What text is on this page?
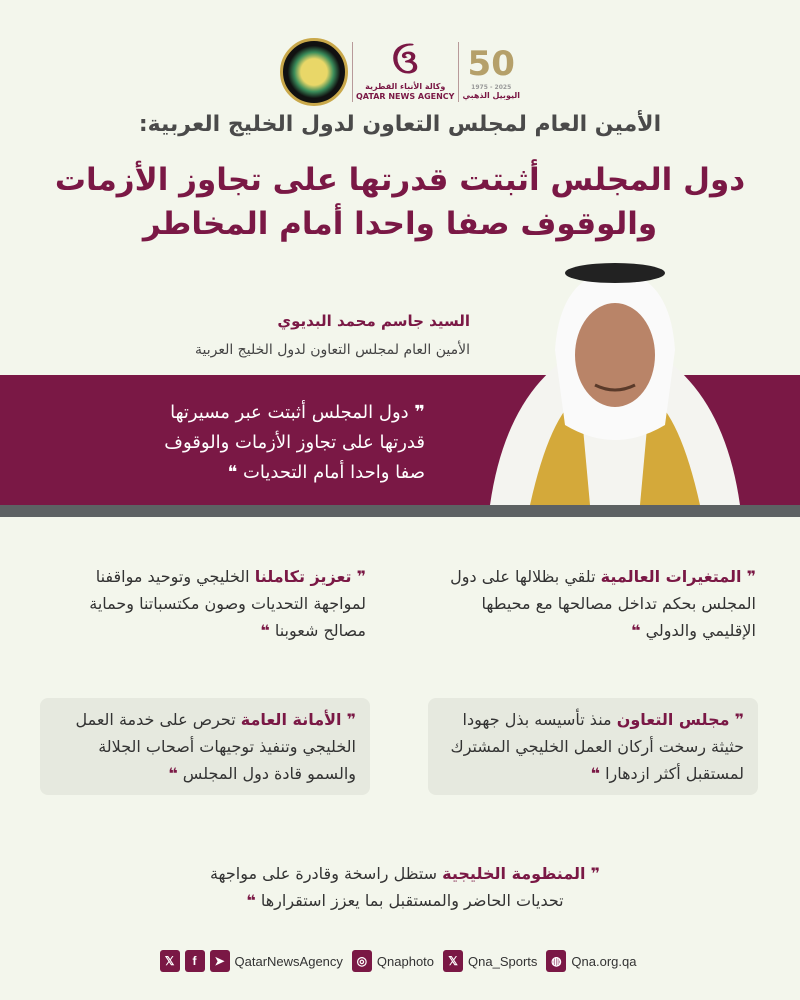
ઉ
وكالة الأنباء القطرية
QATAR NEWS AGENCY
50
1975 - 2025
اليوبيل الذهبي
الأمين العام لمجلس التعاون لدول الخليج العربية:
دول المجلس أثبتت قدرتها على تجاوز الأزمات
والوقوف صفا واحدا أمام المخاطر
السيد جاسم محمد البديوي
الأمين العام لمجلس التعاون لدول الخليج العربية
❞ دول المجلس أثبتت عبر مسيرتها
قدرتها على تجاوز الأزمات والوقوف
صفا واحدا أمام التحديات ❝
❞ المتغيرات العالمية تلقي بظلالها على دول المجلس بحكم تداخل مصالحها مع محيطها الإقليمي والدولي ❝
❞ تعزيز تكاملنا الخليجي وتوحيد مواقفنا لمواجهة التحديات وصون مكتسباتنا وحماية مصالح شعوبنا ❝
❞ مجلس التعاون منذ تأسيسه بذل جهودا حثيثة رسخت أركان العمل الخليجي المشترك لمستقبل أكثر ازدهارا ❝
❞ الأمانة العامة تحرص على خدمة العمل الخليجي وتنفيذ توجيهات أصحاب الجلالة والسمو قادة دول المجلس ❝
❞ المنظومة الخليجية ستظل راسخة وقادرة على مواجهة تحديات الحاضر والمستقبل بما يعزز استقرارها ❝
𝕏	f	➤ QatarNewsAgency	◎ Qnaphoto	𝕏 Qna_Sports	◍ Qna.org.qa
